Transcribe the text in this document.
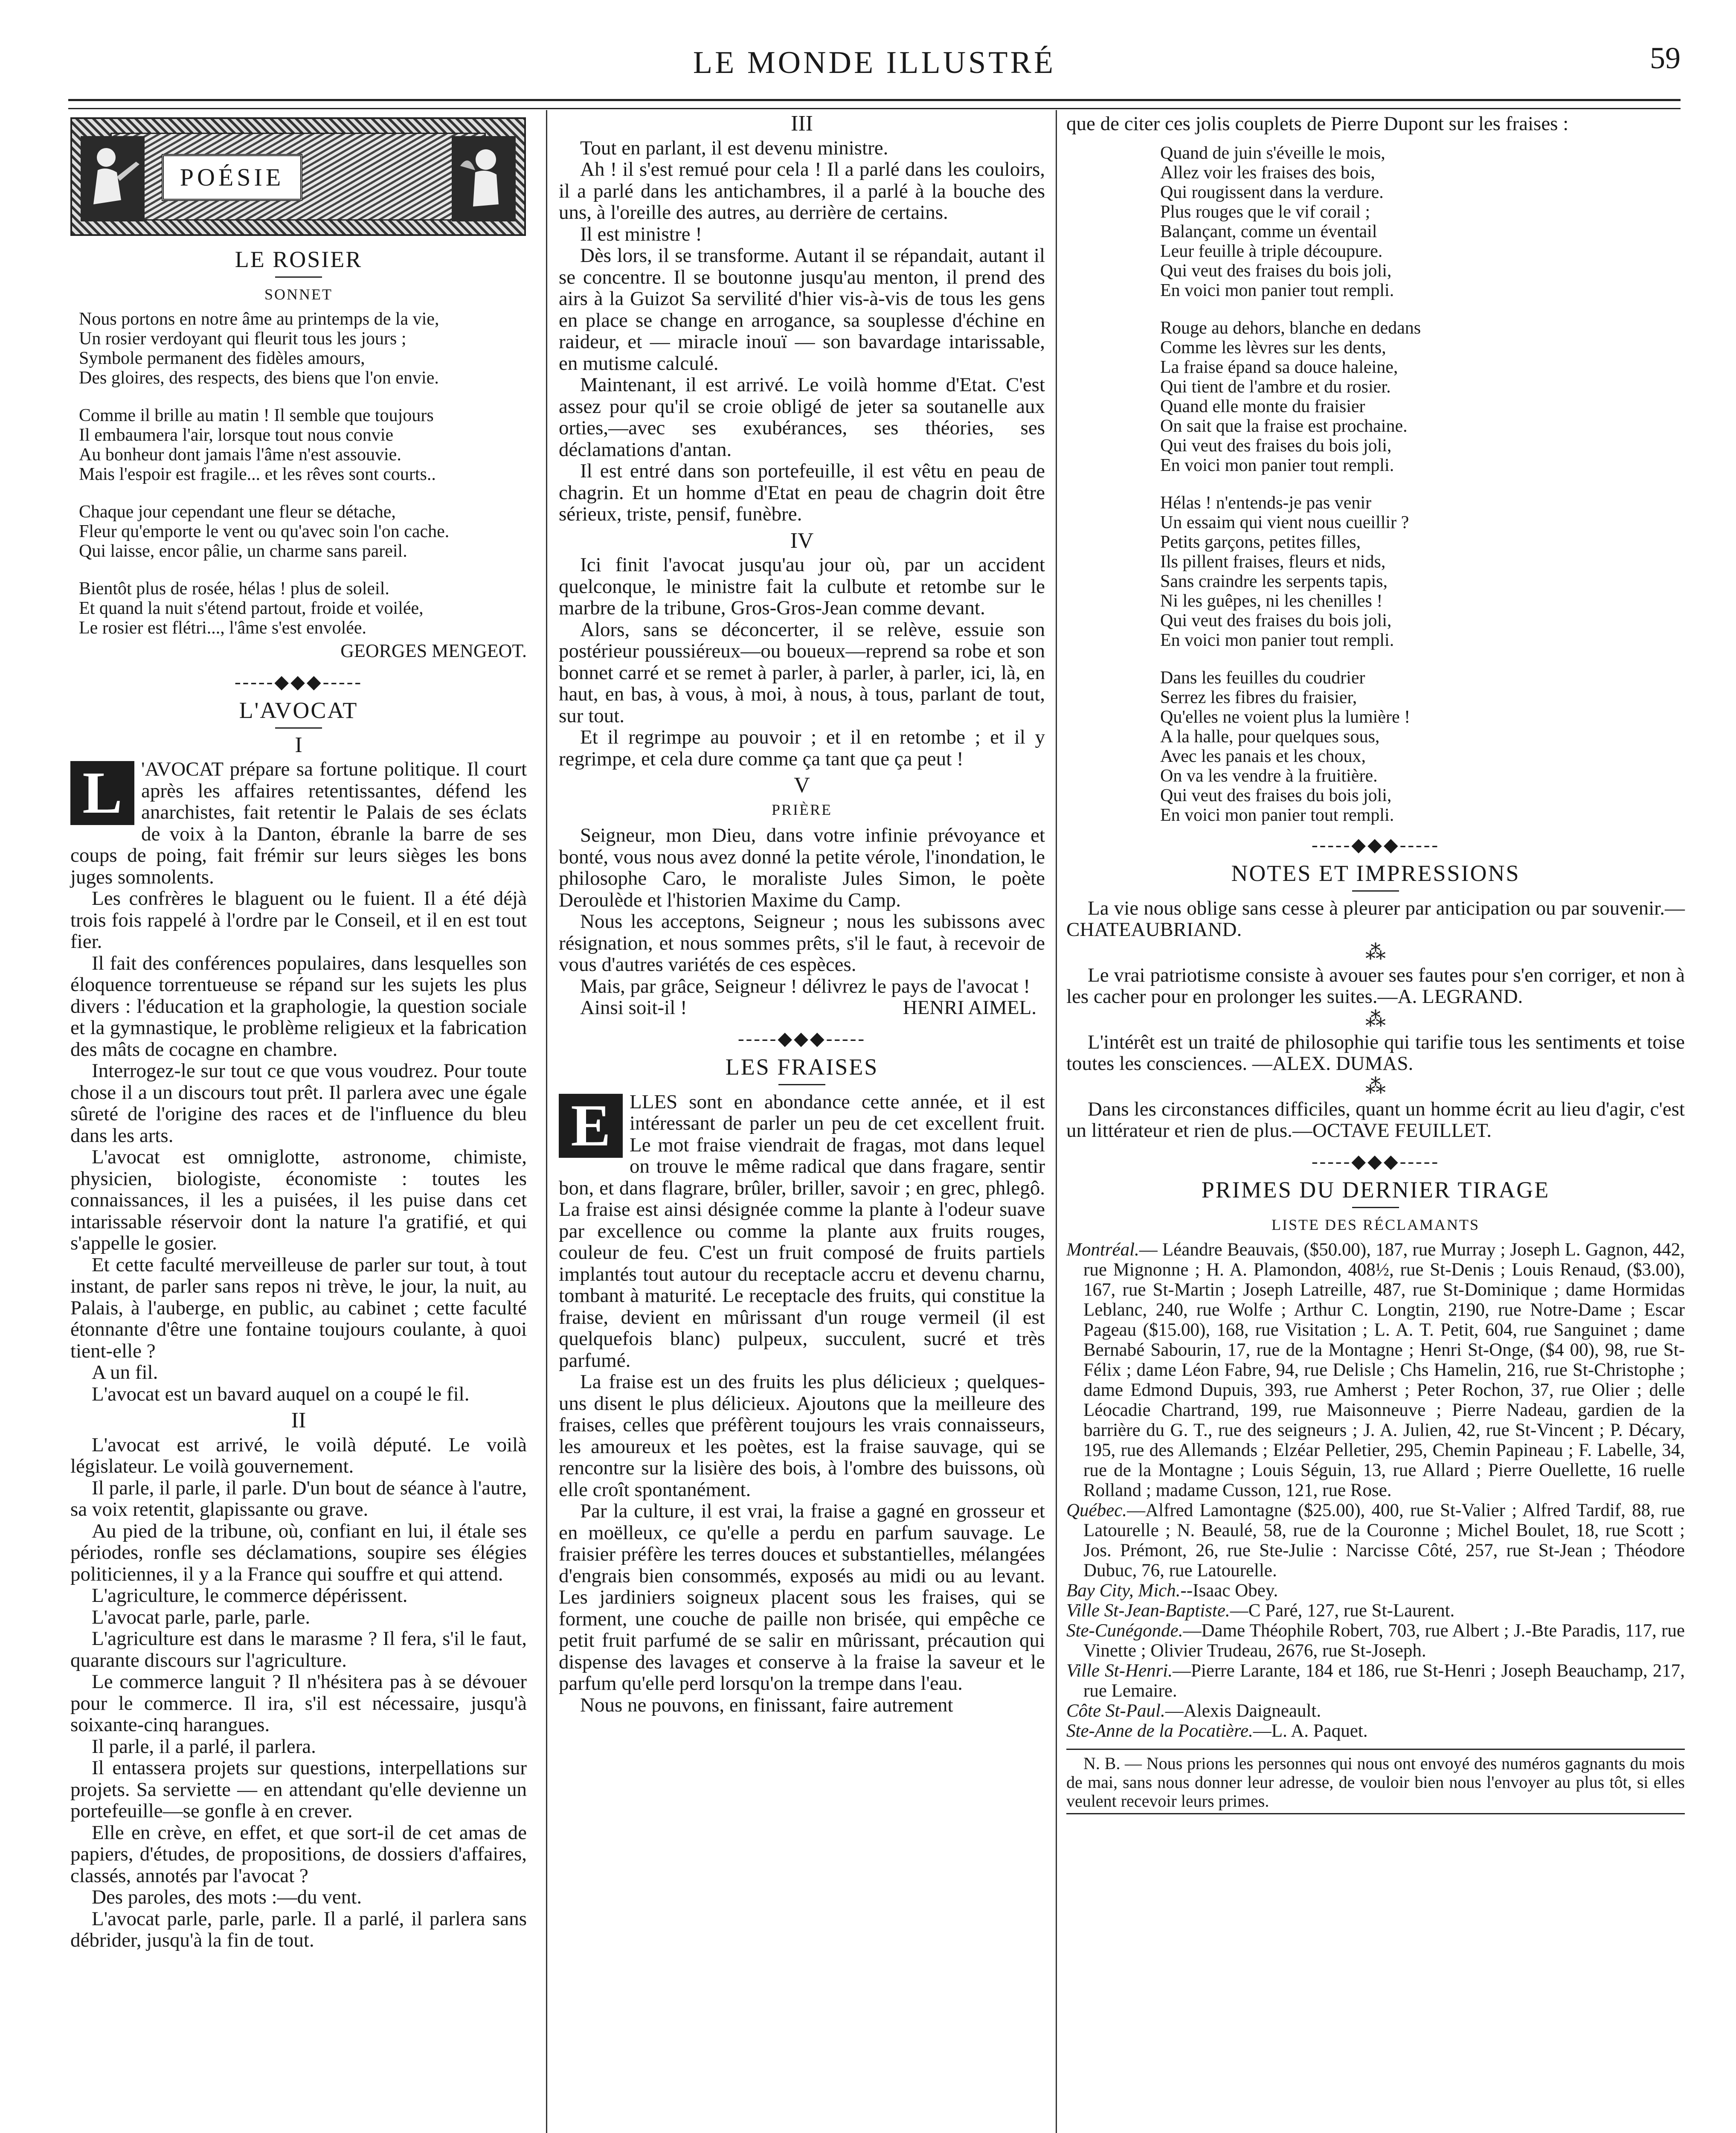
LE MONDE ILLUSTRÉ	59
POÉSIE
LE ROSIER
SONNET
Nous portons en notre âme au printemps de la vie,
Un rosier verdoyant qui fleurit tous les jours ;
Symbole permanent des fidèles amours,
Des gloires, des respects, des biens que l'on envie.
Comme il brille au matin ! Il semble que toujours
Il embaumera l'air, lorsque tout nous convie
Au bonheur dont jamais l'âme n'est assouvie.
Mais l'espoir est fragile... et les rêves sont courts..
Chaque jour cependant une fleur se détache,
Fleur qu'emporte le vent ou qu'avec soin l'on cache.
Qui laisse, encor pâlie, un charme sans pareil.
Bientôt plus de rosée, hélas ! plus de soleil.
Et quand la nuit s'étend partout, froide et voilée,
Le rosier est flétri..., l'âme s'est envolée.

GEORGES MENGEOT.

-----◆◆◆-----
L'AVOCAT
I

L 'AVOCAT prépare sa fortune politique. Il court après les affaires retentissantes, défend les anarchistes, fait retentir le Palais de ses éclats de voix à la Danton, ébranle la barre de ses coups de poing, fait frémir sur leurs sièges les bons juges somnolents.

Les confrères le blaguent ou le fuient. Il a été déjà trois fois rappelé à l'ordre par le Conseil, et il en est tout fier.

Il fait des conférences populaires, dans lesquelles son éloquence torrentueuse se répand sur les sujets les plus divers : l'éducation et la graphologie, la question sociale et la gymnastique, le problème religieux et la fabrication des mâts de cocagne en chambre.

Interrogez-le sur tout ce que vous voudrez. Pour toute chose il a un discours tout prêt. Il parlera avec une égale sûreté de l'origine des races et de l'influence du bleu dans les arts.

L'avocat est omniglotte, astronome, chimiste, physicien, biologiste, économiste : toutes les connaissances, il les a puisées, il les puise dans cet intarissable réservoir dont la nature l'a gratifié, et qui s'appelle le gosier.

Et cette faculté merveilleuse de parler sur tout, à tout instant, de parler sans repos ni trève, le jour, la nuit, au Palais, à l'auberge, en public, au cabinet ; cette faculté étonnante d'être une fontaine toujours coulante, à quoi tient-elle ?

A un fil.

L'avocat est un bavard auquel on a coupé le fil.

II

L'avocat est arrivé, le voilà député. Le voilà législateur. Le voilà gouvernement.

Il parle, il parle, il parle. D'un bout de séance à l'autre, sa voix retentit, glapissante ou grave.

Au pied de la tribune, où, confiant en lui, il étale ses périodes, ronfle ses déclamations, soupire ses élégies politiciennes, il y a la France qui souffre et qui attend.

L'agriculture, le commerce dépérissent.

L'avocat parle, parle, parle.

L'agriculture est dans le marasme ? Il fera, s'il le faut, quarante discours sur l'agriculture.

Le commerce languit ? Il n'hésitera pas à se dévouer pour le commerce. Il ira, s'il est nécessaire, jusqu'à soixante-cinq harangues.

Il parle, il a parlé, il parlera.

Il entassera projets sur questions, interpellations sur projets. Sa serviette — en attendant qu'elle devienne un portefeuille—se gonfle à en crever.

Elle en crève, en effet, et que sort-il de cet amas de papiers, d'études, de propositions, de dossiers d'affaires, classés, annotés par l'avocat ?

Des paroles, des mots :—du vent.

L'avocat parle, parle, parle. Il a parlé, il parlera sans débrider, jusqu'à la fin de tout.

III

Tout en parlant, il est devenu ministre.

Ah ! il s'est remué pour cela ! Il a parlé dans les couloirs, il a parlé dans les antichambres, il a parlé à la bouche des uns, à l'oreille des autres, au derrière de certains.

Il est ministre !

Dès lors, il se transforme. Autant il se répandait, autant il se concentre. Il se boutonne jusqu'au menton, il prend des airs à la Guizot Sa servilité d'hier vis-à-vis de tous les gens en place se change en arrogance, sa souplesse d'échine en raideur, et — miracle inouï — son bavardage intarissable, en mutisme calculé.

Maintenant, il est arrivé. Le voilà homme d'Etat. C'est assez pour qu'il se croie obligé de jeter sa soutanelle aux orties,—avec ses exubérances, ses théories, ses déclamations d'antan.

Il est entré dans son portefeuille, il est vêtu en peau de chagrin. Et un homme d'Etat en peau de chagrin doit être sérieux, triste, pensif, funèbre.

IV

Ici finit l'avocat jusqu'au jour où, par un accident quelconque, le ministre fait la culbute et retombe sur le marbre de la tribune, Gros-Gros-Jean comme devant.

Alors, sans se déconcerter, il se relève, essuie son postérieur poussiéreux—ou boueux—reprend sa robe et son bonnet carré et se remet à parler, à parler, à parler, ici, là, en haut, en bas, à vous, à moi, à nous, à tous, parlant de tout, sur tout.

Et il regrimpe au pouvoir ; et il en retombe ; et il y regrimpe, et cela dure comme ça tant que ça peut !

V
PRIÈRE

Seigneur, mon Dieu, dans votre infinie prévoyance et bonté, vous nous avez donné la petite vérole, l'inondation, le philosophe Caro, le moraliste Jules Simon, le poète Deroulède et l'historien Maxime du Camp.

Nous les acceptons, Seigneur ; nous les subissons avec résignation, et nous sommes prêts, s'il le faut, à recevoir de vous d'autres variétés de ces espèces.

Mais, par grâce, Seigneur ! délivrez le pays de l'avocat !

Ainsi soit-il !	HENRI AIMEL.

-----◆◆◆-----
LES FRAISES

E LLES sont en abondance cette année, et il est intéressant de parler un peu de cet excellent fruit. Le mot fraise viendrait de fragas, mot dans lequel on trouve le même radical que dans fragare, sentir bon, et dans flagrare, brûler, briller, savoir ; en grec, phlegô. La fraise est ainsi désignée comme la plante à l'odeur suave par excellence ou comme la plante aux fruits rouges, couleur de feu. C'est un fruit composé de fruits partiels implantés tout autour du receptacle accru et devenu charnu, tombant à maturité. Le receptacle des fruits, qui constitue la fraise, devient en mûrissant d'un rouge vermeil (il est quelquefois blanc) pulpeux, succulent, sucré et très parfumé.

La fraise est un des fruits les plus délicieux ; quelques-uns disent le plus délicieux. Ajoutons que la meilleure des fraises, celles que préfèrent toujours les vrais connaisseurs, les amoureux et les poètes, est la fraise sauvage, qui se rencontre sur la lisière des bois, à l'ombre des buissons, où elle croît spontanément.

Par la culture, il est vrai, la fraise a gagné en grosseur et en moëlleux, ce qu'elle a perdu en parfum sauvage. Le fraisier préfère les terres douces et substantielles, mélangées d'engrais bien consommés, exposés au midi ou au levant. Les jardiniers soigneux placent sous les fraises, qui se forment, une couche de paille non brisée, qui empêche ce petit fruit parfumé de se salir en mûrissant, précaution qui dispense des lavages et conserve à la fraise la saveur et le parfum qu'elle perd lorsqu'on la trempe dans l'eau.

Nous ne pouvons, en finissant, faire autrement

que de citer ces jolis couplets de Pierre Dupont sur les fraises :

Quand de juin s'éveille le mois,
Allez voir les fraises des bois,
Qui rougissent dans la verdure.
Plus rouges que le vif corail ;
Balançant, comme un éventail
Leur feuille à triple découpure.
Qui veut des fraises du bois joli,
En voici mon panier tout rempli.
Rouge au dehors, blanche en dedans
Comme les lèvres sur les dents,
La fraise épand sa douce haleine,
Qui tient de l'ambre et du rosier.
Quand elle monte du fraisier
On sait que la fraise est prochaine.
Qui veut des fraises du bois joli,
En voici mon panier tout rempli.
Hélas ! n'entends-je pas venir
Un essaim qui vient nous cueillir ?
Petits garçons, petites filles,
Ils pillent fraises, fleurs et nids,
Sans craindre les serpents tapis,
Ni les guêpes, ni les chenilles !
Qui veut des fraises du bois joli,
En voici mon panier tout rempli.
Dans les feuilles du coudrier
Serrez les fibres du fraisier,
Qu'elles ne voient plus la lumière !
A la halle, pour quelques sous,
Avec les panais et les choux,
On va les vendre à la fruitière.
Qui veut des fraises du bois joli,
En voici mon panier tout rempli.
-----◆◆◆-----
NOTES ET IMPRESSIONS

La vie nous oblige sans cesse à pleurer par anticipation ou par souvenir.—CHATEAUBRIAND.

⁂

Le vrai patriotisme consiste à avouer ses fautes pour s'en corriger, et non à les cacher pour en prolonger les suites.—A. LEGRAND.

⁂

L'intérêt est un traité de philosophie qui tarifie tous les sentiments et toise toutes les consciences. —ALEX. DUMAS.

⁂

Dans les circonstances difficiles, quant un homme écrit au lieu d'agir, c'est un littérateur et rien de plus.—OCTAVE FEUILLET.

-----◆◆◆-----
PRIMES DU DERNIER TIRAGE
LISTE DES RÉCLAMANTS

Montréal.— Léandre Beauvais, ($50.00), 187, rue Murray ; Joseph L. Gagnon, 442, rue Mignonne ; H. A. Plamondon, 408½, rue St-Denis ; Louis Renaud, ($3.00), 167, rue St-Martin ; Joseph Latreille, 487, rue St-Dominique ; dame Hormidas Leblanc, 240, rue Wolfe ; Arthur C. Longtin, 2190, rue Notre-Dame ; Escar Pageau ($15.00), 168, rue Visitation ; L. A. T. Petit, 604, rue Sanguinet ; dame Bernabé Sabourin, 17, rue de la Montagne ; Henri St-Onge, ($4 00), 98, rue St-Félix ; dame Léon Fabre, 94, rue Delisle ; Chs Hamelin, 216, rue St-Christophe ; dame Edmond Dupuis, 393, rue Amherst ; Peter Rochon, 37, rue Olier ; delle Léocadie Chartrand, 199, rue Maisonneuve ; Pierre Nadeau, gardien de la barrière du G. T., rue des seigneurs ; J. A. Julien, 42, rue St-Vincent ; P. Décary, 195, rue des Allemands ; Elzéar Pelletier, 295, Chemin Papineau ; F. Labelle, 34, rue de la Montagne ; Louis Séguin, 13, rue Allard ; Pierre Ouellette, 16 ruelle Rolland ; madame Cusson, 121, rue Rose.

Québec.—Alfred Lamontagne ($25.00), 400, rue St-Valier ; Alfred Tardif, 88, rue Latourelle ; N. Beaulé, 58, rue de la Couronne ; Michel Boulet, 18, rue Scott ; Jos. Prémont, 26, rue Ste-Julie : Narcisse Côté, 257, rue St-Jean ; Théodore Dubuc, 76, rue Latourelle.

Bay City, Mich.--Isaac Obey.

Ville St-Jean-Baptiste.—C Paré, 127, rue St-Laurent.

Ste-Cunégonde.—Dame Théophile Robert, 703, rue Albert ; J.-Bte Paradis, 117, rue Vinette ; Olivier Trudeau, 2676, rue St-Joseph.

Ville St-Henri.—Pierre Larante, 184 et 186, rue St-Henri ; Joseph Beauchamp, 217, rue Lemaire.

Côte St-Paul.—Alexis Daigneault.

Ste-Anne de la Pocatière.—L. A. Paquet.

N. B. — Nous prions les personnes qui nous ont envoyé des numéros gagnants du mois de mai, sans nous donner leur adresse, de vouloir bien nous l'envoyer au plus tôt, si elles veulent recevoir leurs primes.
